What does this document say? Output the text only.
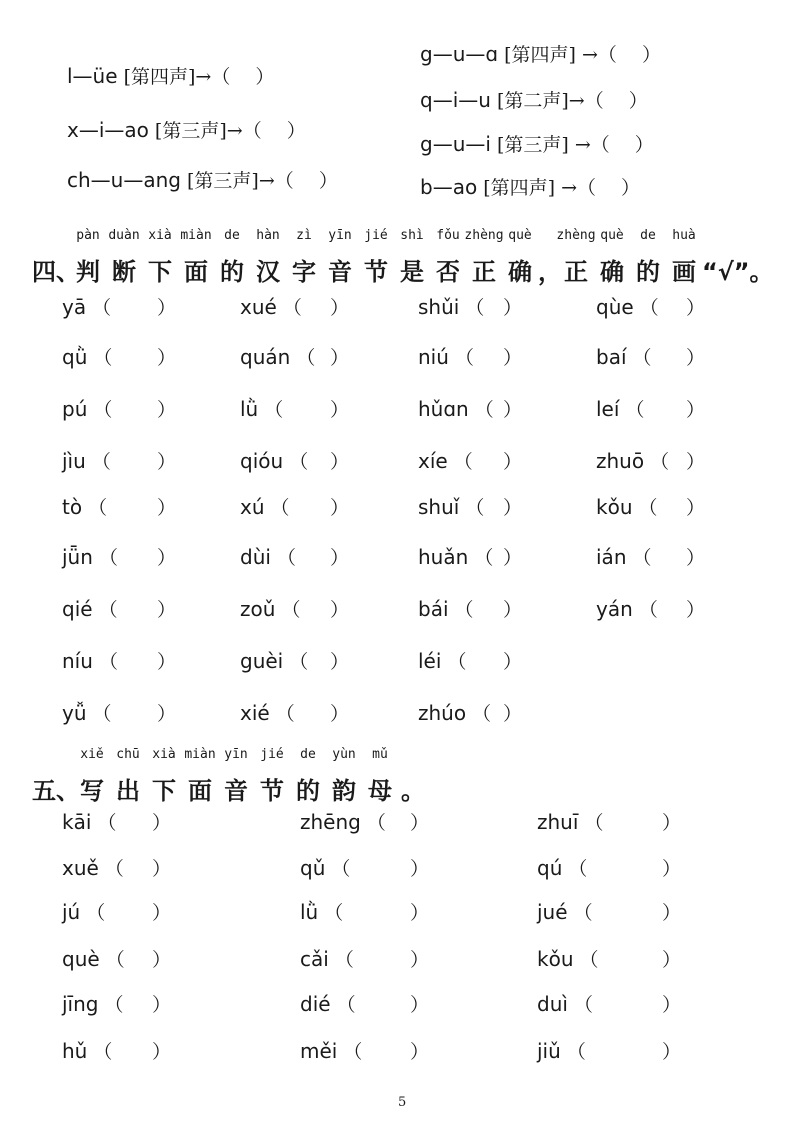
l—üe [第四声]→（  ）
x—i—ao [第三声]→（  ）
ch—u—ang [第三声]→（  ）
g—u—ɑ [第四声] →（  ）
q—i—u [第二声]→（  ）
g—u—i [第三声] →（  ）
b—ao [第四声] →（  ）
四、
pàn
判
duàn
断
xià
下
miàn
面
de
的
hàn
汉
zì
字
yīn
音
jié
节
shì
是
fǒu
否
zhèng
正
què
确 ，
zhèng
正
què
确
de
的
huà
画 “√”。
yā （ ）	xué （ ）	shǔi （ ）	qùe （ ）
qǜ （ ）	quán （ ）	niú （ ）	baí （ ）
pú （ ）	lǜ （ ）	hǔɑn （ ）	leí （ ）
jìu （ ）	qióu （ ）	xíe （ ）	zhuō （ ）
tò （	）	xú （ ）	shuǐ （ ）	kǒu （ ）
jǖn （ ）	dùi （ ）	huǎn （ ）	ián （ ）
qié （ ）	zoǔ （ ）	bái （ ）	yán （ ）
níu （ ）	guèi （ ）	léi （ ）
yǚ （ ）	xié （ ）	zhúo （ ）
五、
xiě
写
chū
出
xià
下
miàn
面
yīn
音
jié
节
de
的
yùn
韵
mǔ
母 。
kāi （ ）	zhēng （ ）	zhuī （	）
xuě （ ）	qǔ （	）	qú （	）
jú （ ）	lǜ （	）	jué （	）
què （ ）	cǎi （	）	kǒu （	）
jīng （ ）	dié （	）	duì （	）
hǔ （ ）	měi （	）	jiǔ （	）
5
